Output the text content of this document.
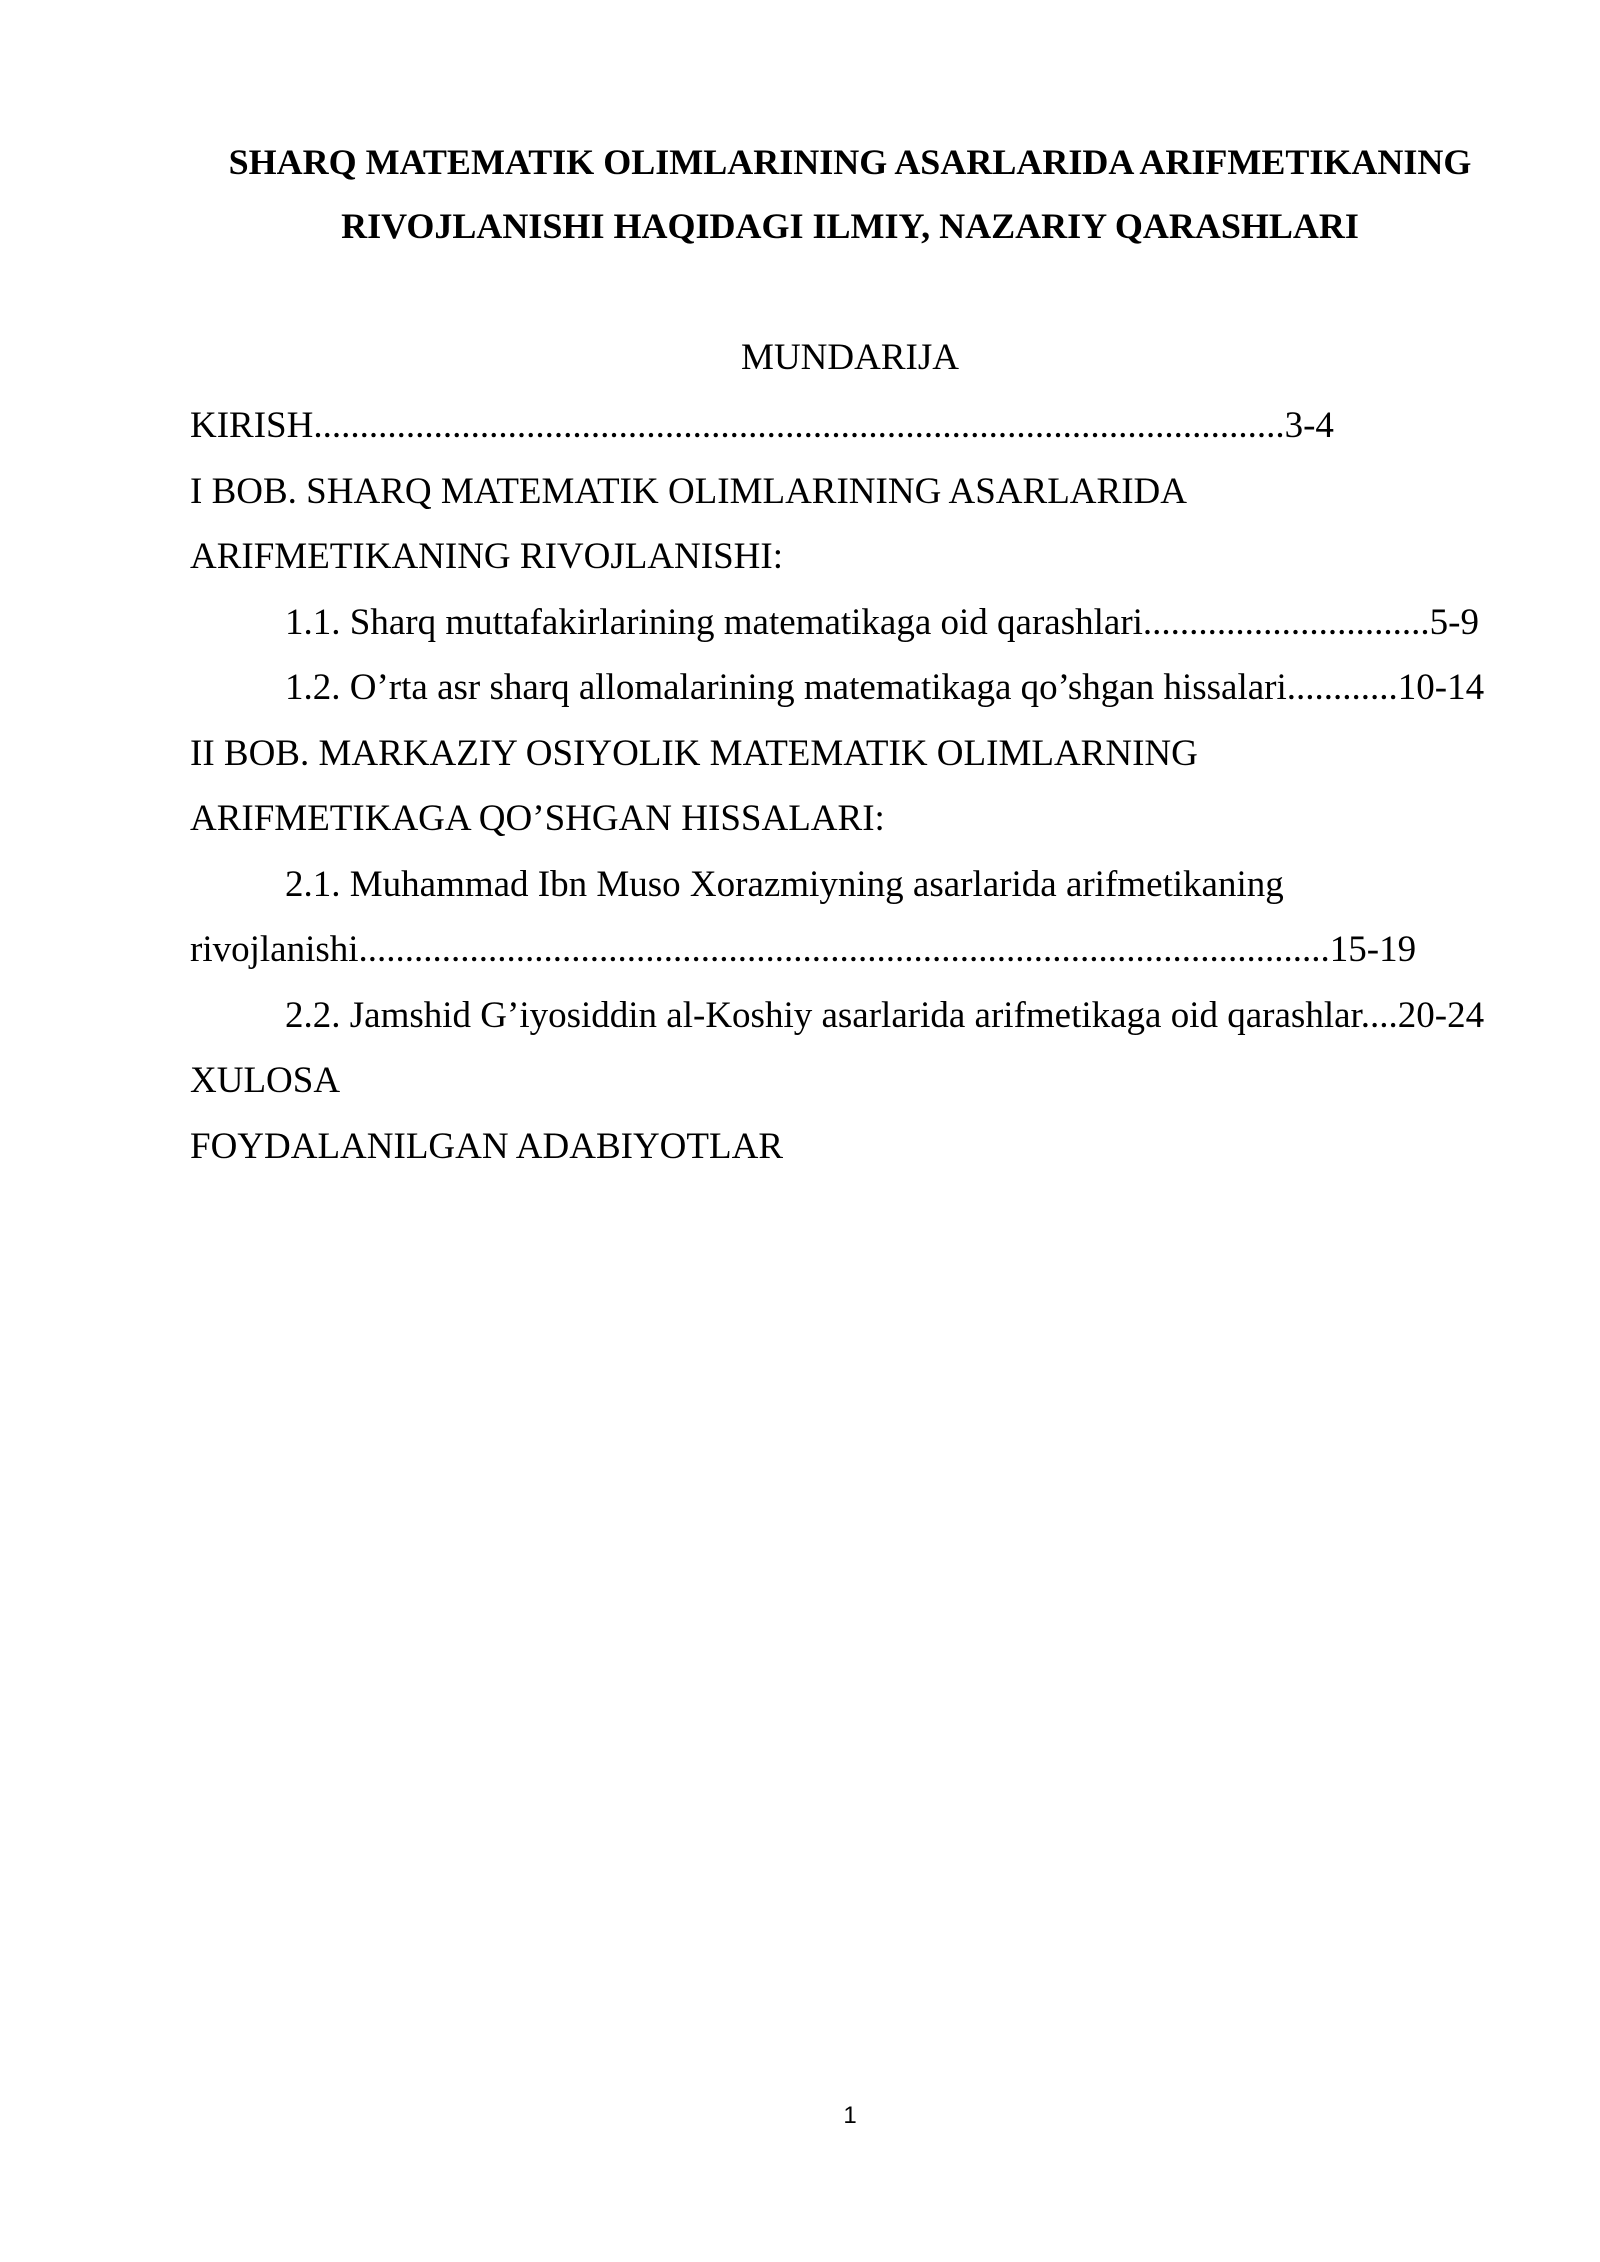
SHARQ MATEMATIK OLIMLARINING ASARLARIDA ARIFMETIKANING
RIVOJLANISHI HAQIDAGI ILMIY, NAZARIY QARASHLARI
MUNDARIJA
KIRISH.........................................................................................................3-4
I BOB. SHARQ MATEMATIK OLIMLARINING ASARLARIDA
ARIFMETIKANING RIVOJLANISHI:
1.1. Sharq muttafakirlarining matematikaga oid qarashlari...............................5-9
1.2. O’rta asr sharq allomalarining matematikaga qo’shgan hissalari............10-14
II BOB. MARKAZIY OSIYOLIK MATEMATIK OLIMLARNING
ARIFMETIKAGA QO’SHGAN HISSALARI:
2.1. Muhammad Ibn Muso Xorazmiyning asarlarida arifmetikaning
rivojlanishi.........................................................................................................15-19
2.2. Jamshid G’iyosiddin al-Koshiy asarlarida arifmetikaga oid qarashlar....20-24
XULOSA
FOYDALANILGAN ADABIYOTLAR
1
